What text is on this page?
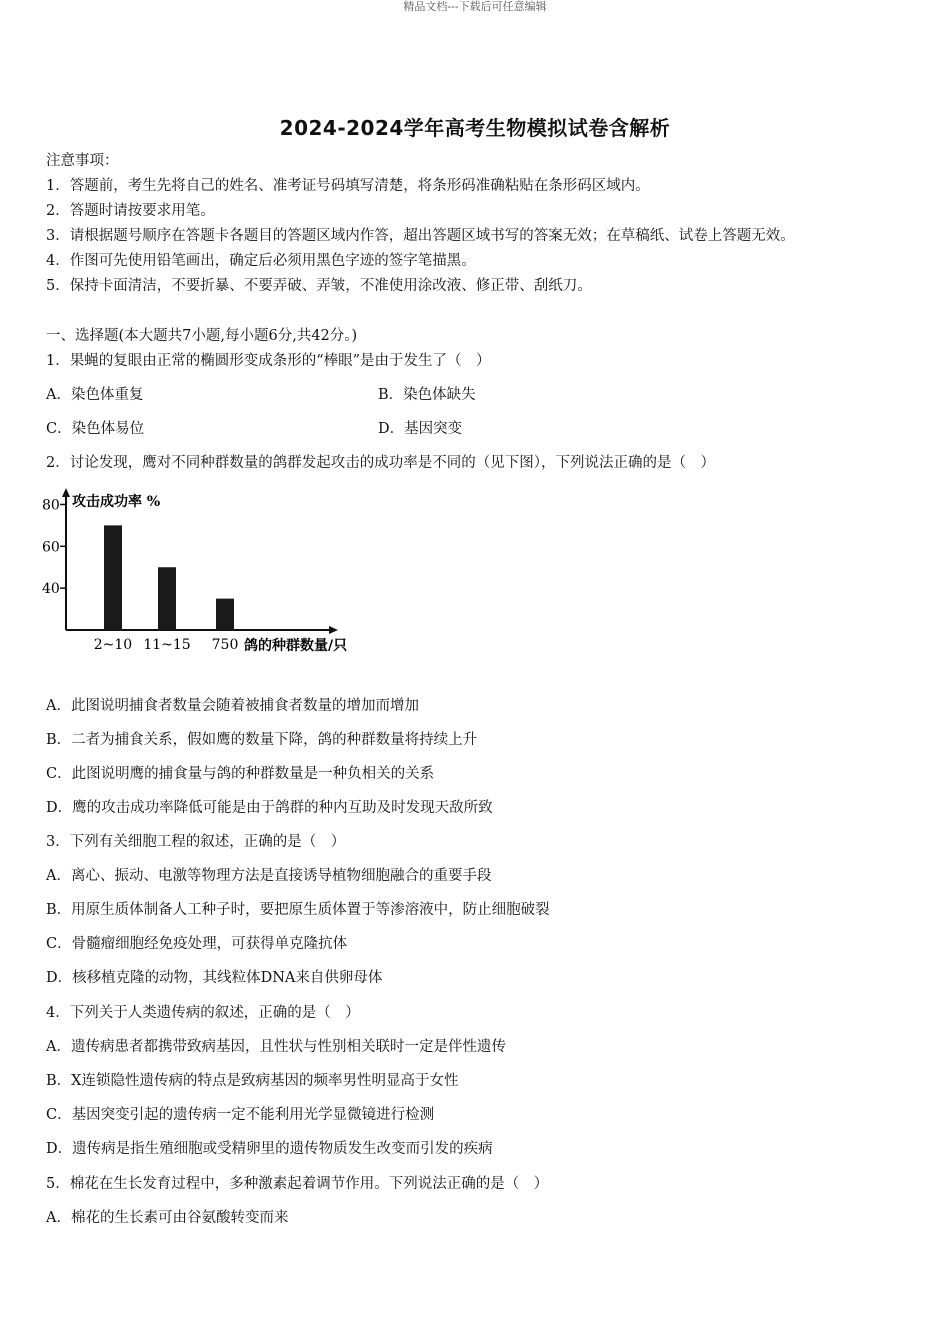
精品文档---下载后可任意编辑
2024-2024学年高考生物模拟试卷含解析
注意事项：
1．答题前，考生先将自己的姓名、准考证号码填写清楚，将条形码准确粘贴在条形码区域内。
2．答题时请按要求用笔。
3．请根据题号顺序在答题卡各题目的答题区域内作答，超出答题区域书写的答案无效；在草稿纸、试卷上答题无效。
4．作图可先使用铅笔画出，确定后必须用黑色字迹的签字笔描黑。
5．保持卡面清洁，不要折暴、不要弄破、弄皱，不准使用涂改液、修正带、刮纸刀。
一、选择题(本大题共7小题,每小题6分,共42分。)
1．果蝇的复眼由正常的椭圆形变成条形的“棒眼”是由于发生了（　）
A．染色体重复	B．染色体缺失
C．染色体易位	D．基因突变
2．讨论发现，鹰对不同种群数量的鸽群发起攻击的成功率是不同的（见下图），下列说法正确的是（　）
攻击成功率 %
鸽的种群数量/只
80
60
40
2~10 11~15 750
A．此图说明捕食者数量会随着被捕食者数量的增加而增加
B．二者为捕食关系，假如鹰的数量下降，鸽的种群数量将持续上升
C．此图说明鹰的捕食量与鸽的种群数量是一种负相关的关系
D．鹰的攻击成功率降低可能是由于鸽群的种内互助及时发现天敌所致
3．下列有关细胞工程的叙述，正确的是（　）
A．离心、振动、电激等物理方法是直接诱导植物细胞融合的重要手段
B．用原生质体制备人工种子时，要把原生质体置于等渗溶液中，防止细胞破裂
C．骨髓瘤细胞经免疫处理，可获得单克隆抗体
D．核移植克隆的动物，其线粒体DNA来自供卵母体
4．下列关于人类遗传病的叙述，正确的是（　）
A．遗传病患者都携带致病基因，且性状与性别相关联时一定是伴性遗传
B．X连锁隐性遗传病的特点是致病基因的频率男性明显高于女性
C．基因突变引起的遗传病一定不能利用光学显微镜进行检测
D．遗传病是指生殖细胞或受精卵里的遗传物质发生改变而引发的疾病
5．棉花在生长发育过程中，多种激素起着调节作用。下列说法正确的是（　）
A．棉花的生长素可由谷氨酸转变而来
